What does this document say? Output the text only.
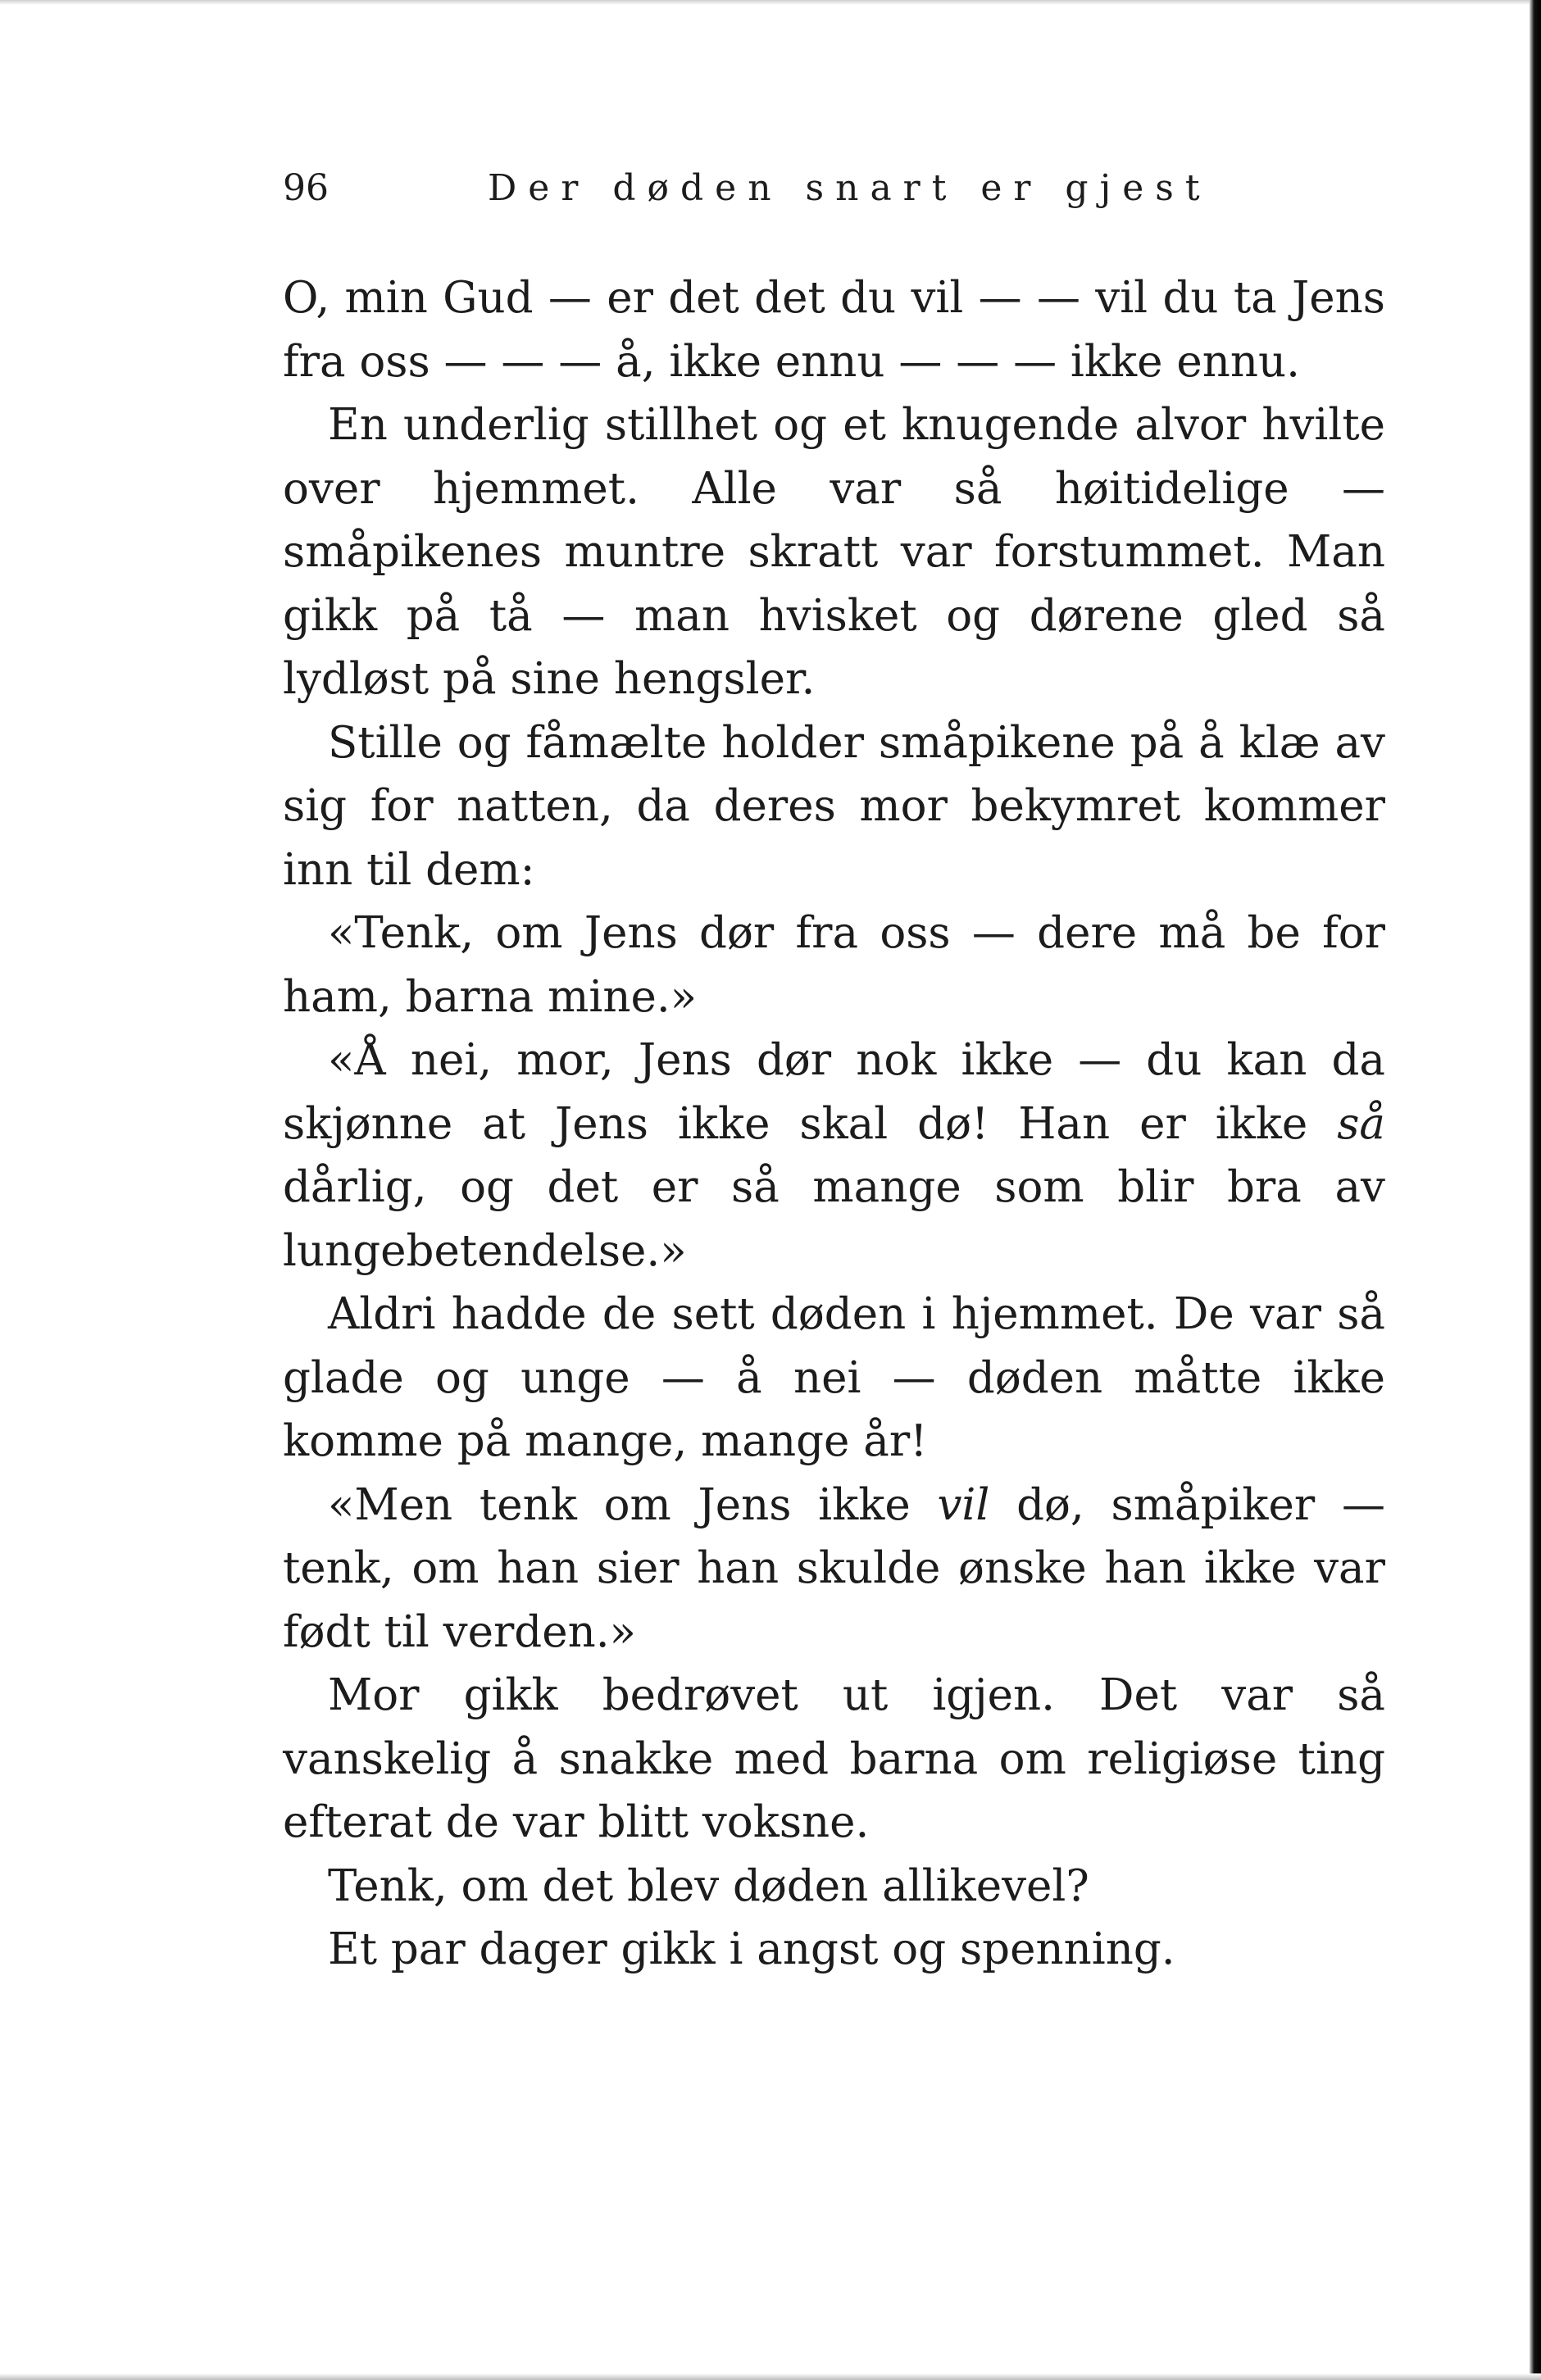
96	Der døden snart er gjest

O, min Gud — er det det du vil — — vil du ta Jens fra oss — — — å, ikke ennu — — — ikke ennu.

En underlig stillhet og et knugende alvor hvilte over hjemmet. Alle var så høitidelige — småpikenes muntre skratt var forstummet. Man gikk på tå — man hvisket og dørene gled så lydløst på sine hengsler.

Stille og fåmælte holder småpikene på å klæ av sig for natten, da deres mor bekymret kommer inn til dem:

«Tenk, om Jens dør fra oss — dere må be for ham, barna mine.»

«Å nei, mor, Jens dør nok ikke — du kan da skjønne at Jens ikke skal dø! Han er ikke så dårlig, og det er så mange som blir bra av lungebetendelse.»

Aldri hadde de sett døden i hjemmet. De var så glade og unge — å nei — døden måtte ikke komme på mange, mange år!

«Men tenk om Jens ikke vil dø, småpiker — tenk, om han sier han skulde ønske han ikke var født til verden.»

Mor gikk bedrøvet ut igjen. Det var så vanskelig å snakke med barna om religiøse ting efterat de var blitt voksne.

Tenk, om det blev døden allikevel?

Et par dager gikk i angst og spenning.
